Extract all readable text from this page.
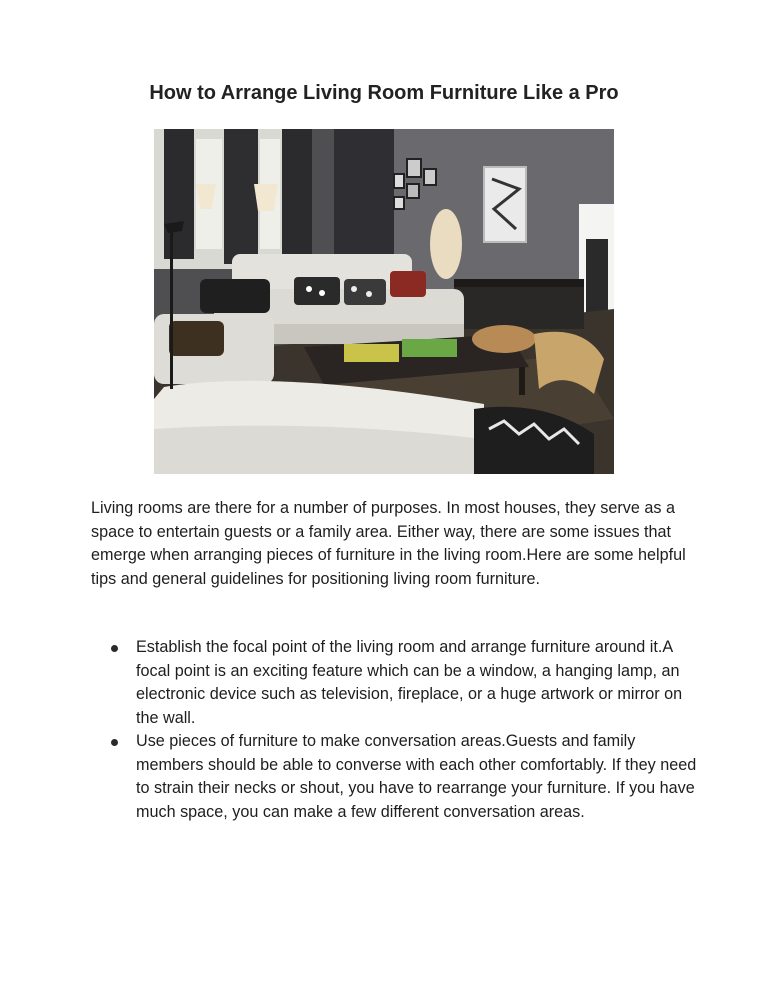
How to Arrange Living Room Furniture Like a Pro

Living rooms are there for a number of purposes. In most houses, they serve as a space to entertain guests or a family area. Either way, there are some issues that emerge when arranging pieces of furniture in the living room.Here are some helpful tips and general guidelines for positioning living room furniture.

Establish the focal point of the living room and arrange furniture around it.A focal point is an exciting feature which can be a window, a hanging lamp, an electronic device such as television, fireplace, or a huge artwork or mirror on the wall.
Use pieces of furniture to make conversation areas.Guests and family members should be able to converse with each other comfortably. If they need to strain their necks or shout, you have to rearrange your furniture. If you have much space, you can make a few different conversation areas.
